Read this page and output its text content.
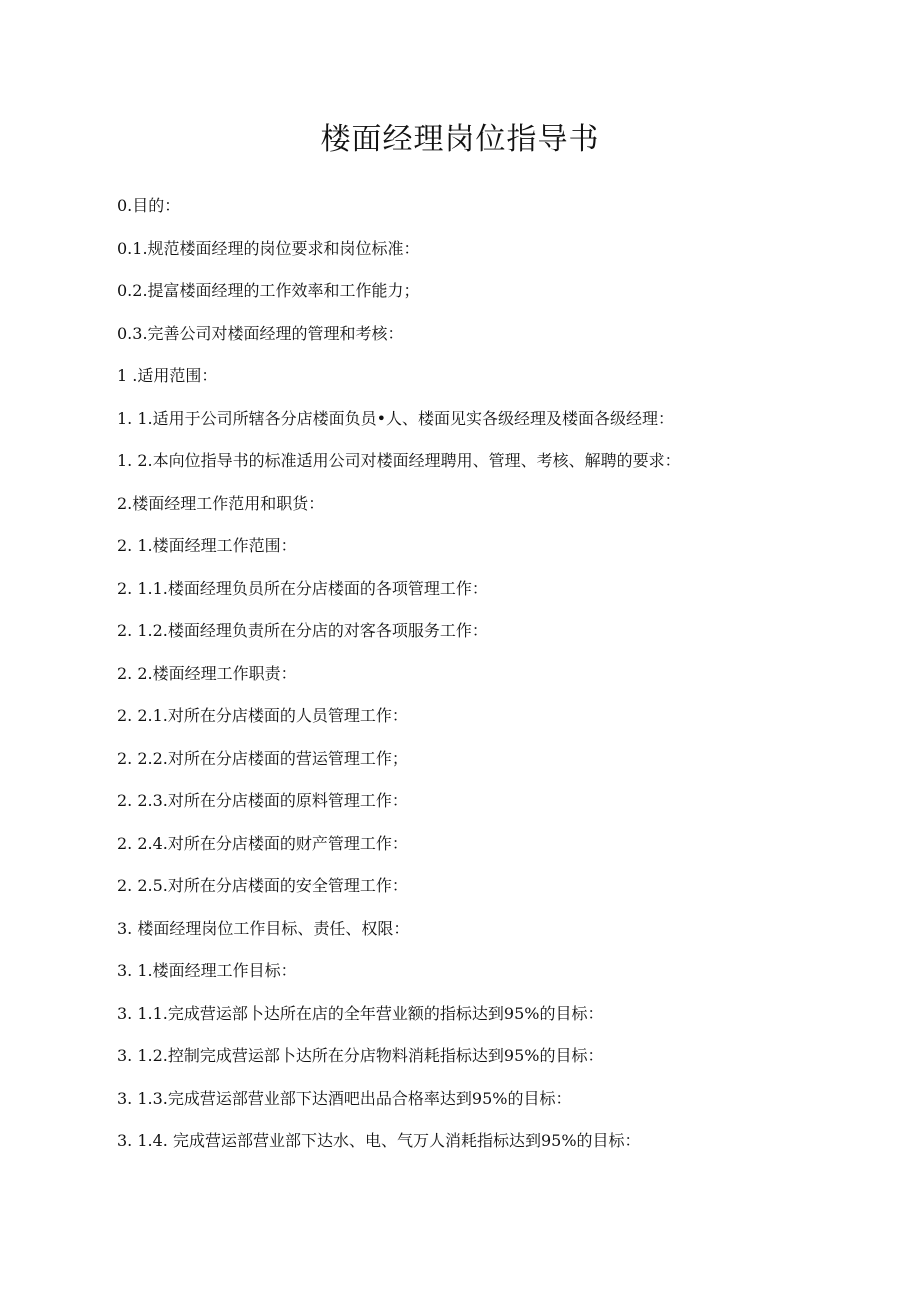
楼面经理岗位指导书
0.目的：
0.1.规范楼面经理的岗位要求和岗位标准：
0.2.提富楼面经理的工作效率和工作能力；
0.3.完善公司对楼面经理的管理和考核：
1 .适用范围：
1. 1.适用于公司所辖各分店楼面负员•人、楼面见实各级经理及楼面各级经理：
1. 2.本向位指导书的标准适用公司对楼面经理聘用、管理、考核、解聘的要求：
2.楼面经理工作范用和职货：
2. 1.楼面经理工作范围：
2. 1.1.楼面经理负员所在分店楼面的各项管理工作：
2. 1.2.楼面经理负责所在分店的对客各项服务工作：
2. 2.楼面经理工作职责：
2. 2.1.对所在分店楼面的人员管理工作：
2. 2.2.对所在分店楼面的营运管理工作；
2. 2.3.对所在分店楼面的原料管理工作：
2. 2.4.对所在分店楼面的财产管理工作：
2. 2.5.对所在分店楼面的安全管理工作：
3. 楼面经理岗位工作目标、责任、权限：
3. 1.楼面经理工作目标：
3. 1.1.完成营运部卜达所在店的全年营业额的指标达到95%的目标：
3. 1.2.控制完成营运部卜达所在分店物料消耗指标达到95%的目标：
3. 1.3.完成营运部营业部下达酒吧出品合格率达到95%的目标：
3. 1.4. 完成营运部营业部下达水、电、气万人消耗指标达到95%的目标：
